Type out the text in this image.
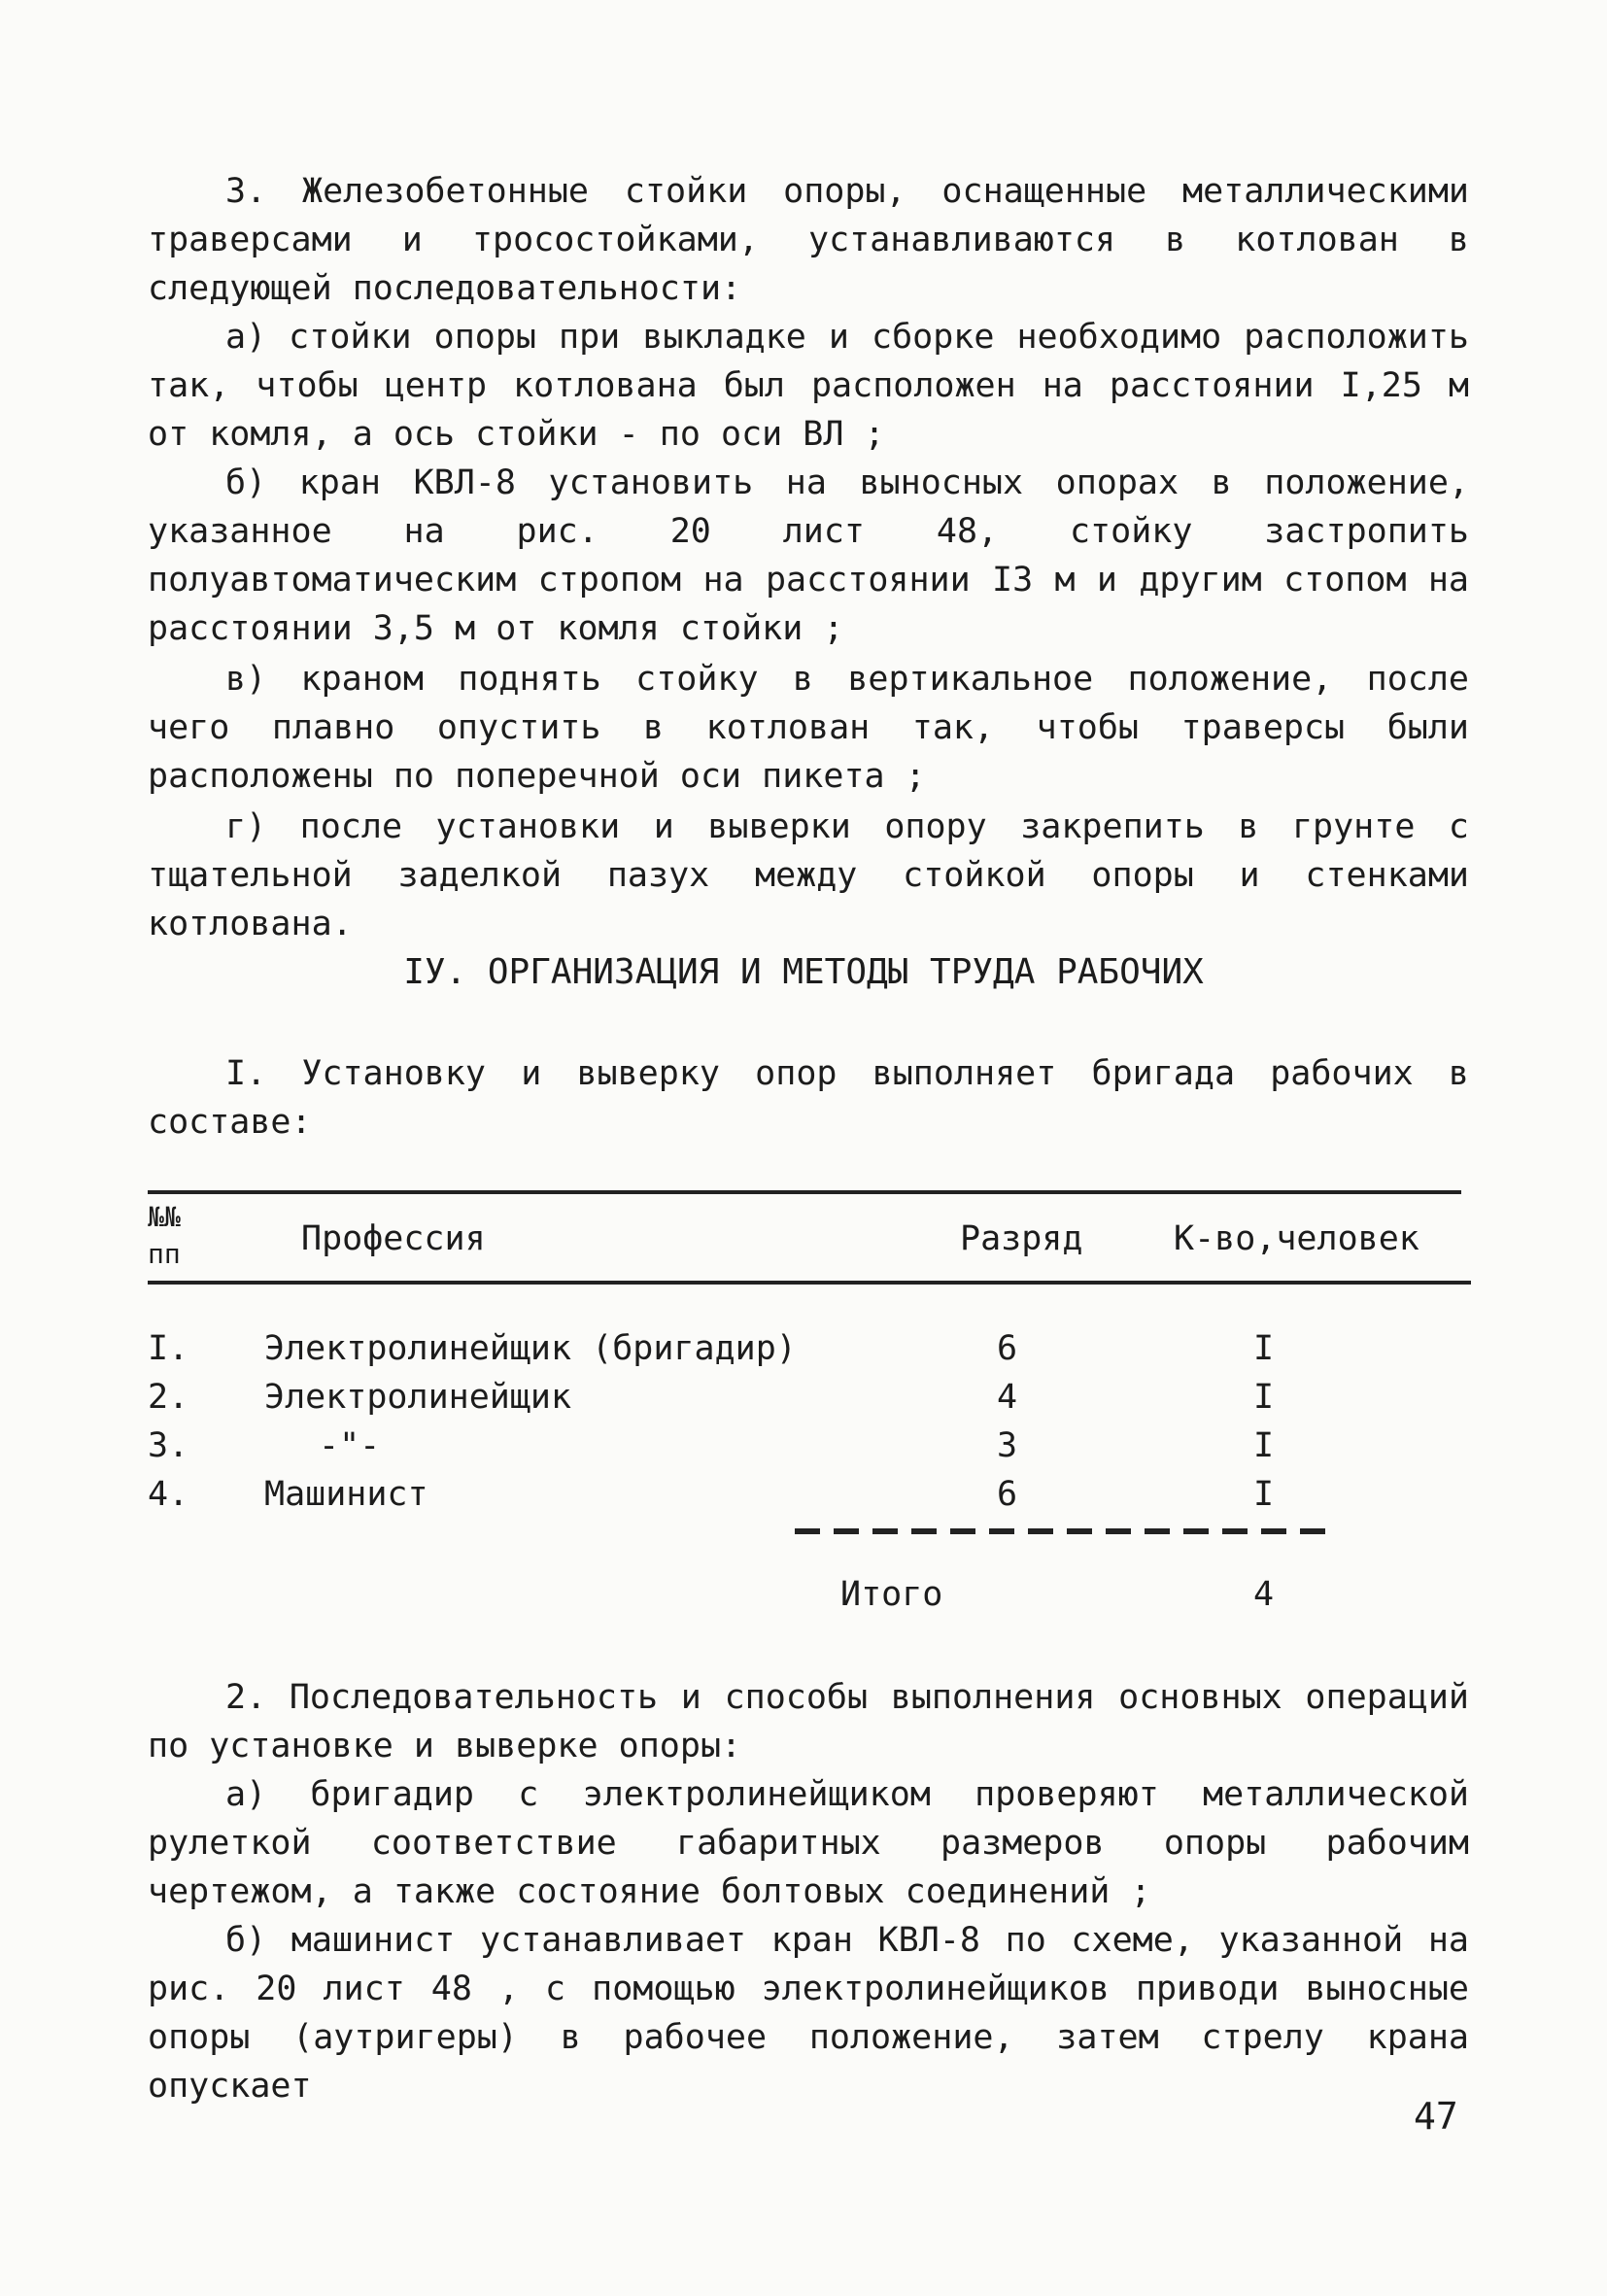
3. Железобетонные стойки опоры, оснащенные металлическими траверсами и тросостойками, устанавливаются в котлован в следующей последовательности:
а) стойки опоры при выкладке и сборке необходимо расположить так, чтобы центр котлована был расположен на расстоянии I,25 м от комля, а ось стойки - по оси ВЛ ;
б) кран КВЛ-8 установить на выносных опорах в положение, указанное на рис. 20 лист 48, стойку застропить полуавтоматическим стропом на расстоянии I3 м и другим стопом на расстоянии 3,5 м от комля стойки ;
в) краном поднять стойку в вертикальное положение, после чего плавно опустить в котлован так, чтобы траверсы были расположены по поперечной оси пикета ;
г) после установки и выверки опору закрепить в грунте с тщательной заделкой пазух между стойкой опоры и стенками котлована.
IУ. ОРГАНИЗАЦИЯ И МЕТОДЫ ТРУДА РАБОЧИХ
I. Установку и выверку опор выполняет бригада рабочих в составе:
№№
пп	Профессия	Разряд	К-во,человек
I. Электролинейщик (бригадир)	6	I
2. Электролинейщик	4	I
3.	-"-	3	I
4. Машинист	6	I
Итого	4
2. Последовательность и способы выполнения основных операций по установке и выверке опоры:
а) бригадир с электролинейщиком проверяют металлической рулеткой соответствие габаритных размеров опоры рабочим чертежом, а также состояние болтовых соединений ;
б) машинист устанавливает кран КВЛ-8 по схеме, указанной на рис. 20 лист 48 , с помощью электролинейщиков приводи выносные опоры (аутригеры) в рабочее положение, затем стрелу крана опускает
47
